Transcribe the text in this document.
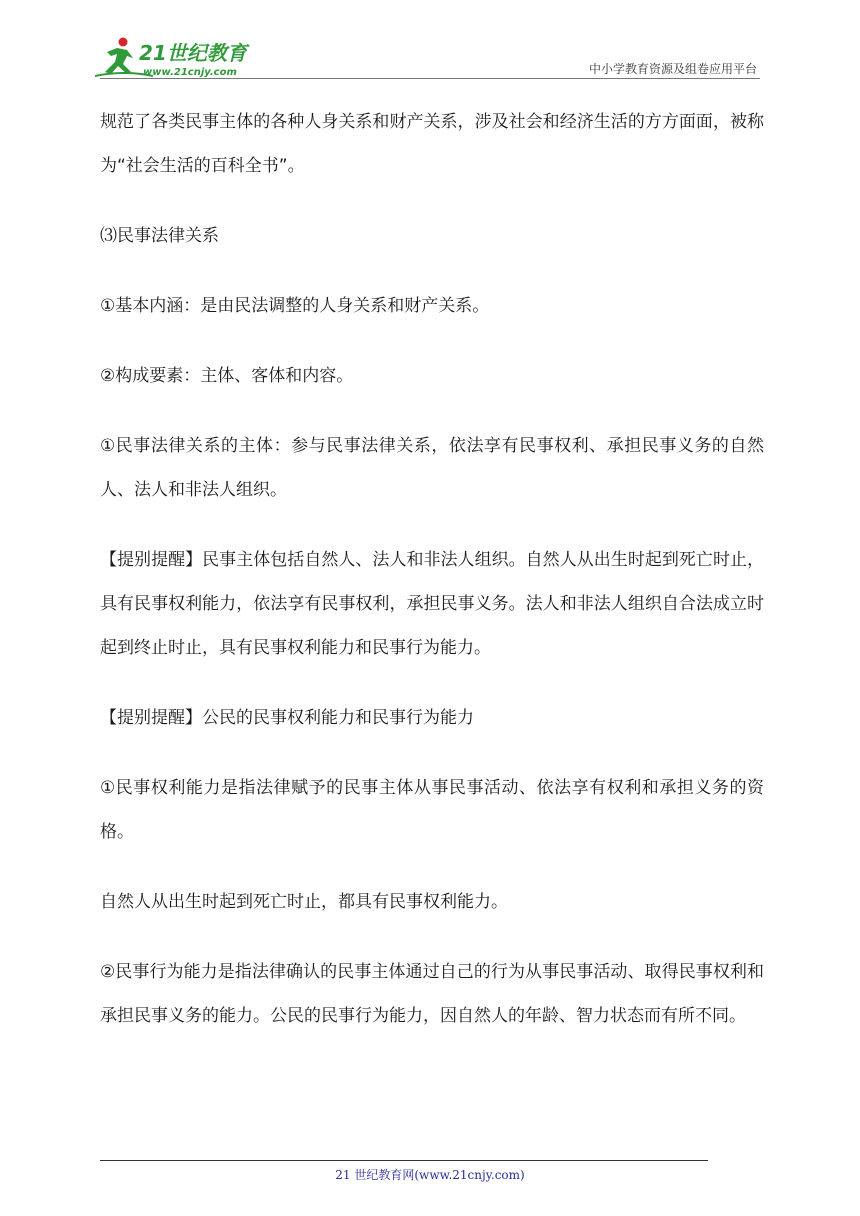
21世纪教育
www.21cnjy.com	中小学教育资源及组卷应用平台

规范了各类民事主体的各种人身关系和财产关系，涉及社会和经济生活的方方面面，被称为“社会生活的百科全书”。

⑶民事法律关系

①基本内涵：是由民法调整的人身关系和财产关系。

②构成要素：主体、客体和内容。

①民事法律关系的主体：参与民事法律关系，依法享有民事权利、承担民事义务的自然人、法人和非法人组织。

【提别提醒】民事主体包括自然人、法人和非法人组织。自然人从出生时起到死亡时止，具有民事权利能力，依法享有民事权利，承担民事义务。法人和非法人组织自合法成立时起到终止时止，具有民事权利能力和民事行为能力。

【提别提醒】公民的民事权利能力和民事行为能力

①民事权利能力是指法律赋予的民事主体从事民事活动、依法享有权利和承担义务的资格。

自然人从出生时起到死亡时止，都具有民事权利能力。

②民事行为能力是指法律确认的民事主体通过自己的行为从事民事活动、取得民事权利和承担民事义务的能力。公民的民事行为能力，因自然人的年龄、智力状态而有所不同。

21 世纪教育网(www.21cnjy.com)
